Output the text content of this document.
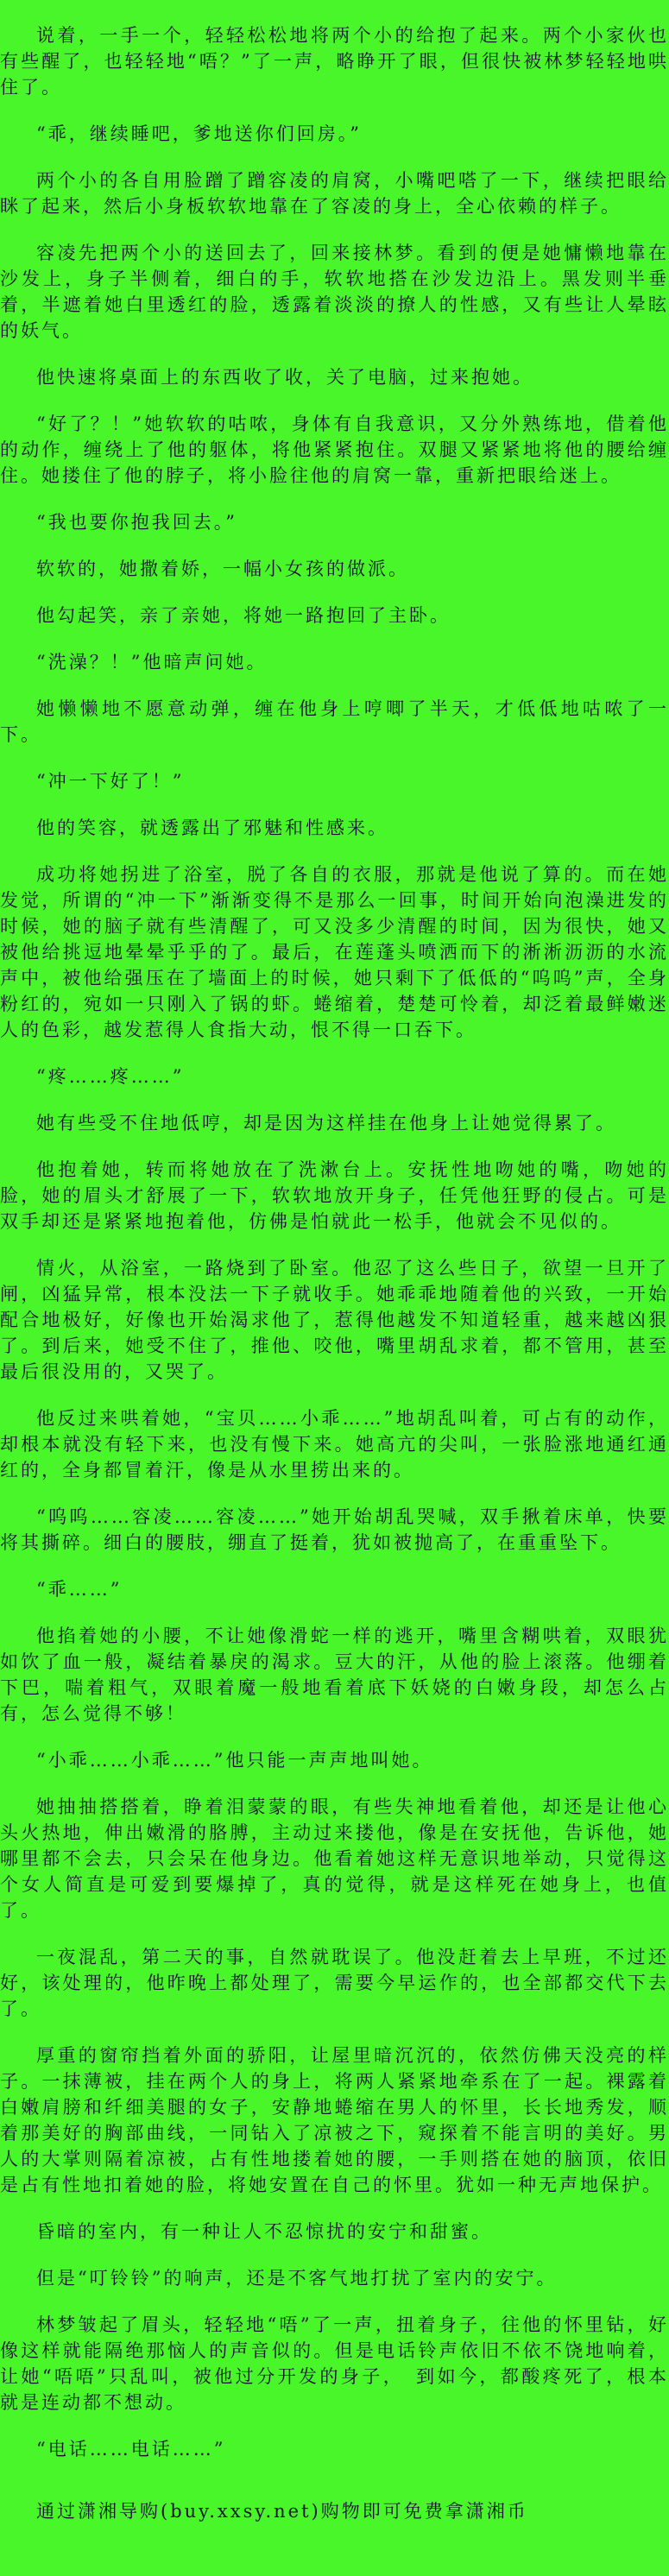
说着，一手一个，轻轻松松地将两个小的给抱了起来。两个小家伙也有些醒了，也轻轻地“唔？”了一声，略睁开了眼，但很快被林梦轻轻地哄住了。

“乖，继续睡吧，爹地送你们回房。”

两个小的各自用脸蹭了蹭容凌的肩窝，小嘴吧嗒了一下，继续把眼给眯了起来，然后小身板软软地靠在了容凌的身上，全心依赖的样子。

容凌先把两个小的送回去了，回来接林梦。看到的便是她慵懒地靠在沙发上，身子半侧着，细白的手，软软地搭在沙发边沿上。黑发则半垂着，半遮着她白里透红的脸，透露着淡淡的撩人的性感，又有些让人晕眩的妖气。

他快速将桌面上的东西收了收，关了电脑，过来抱她。

“好了？！”她软软的咕哝，身体有自我意识，又分外熟练地，借着他的动作，缠绕上了他的躯体，将他紧紧抱住。双腿又紧紧地将他的腰给缠住。她搂住了他的脖子，将小脸往他的肩窝一靠，重新把眼给迷上。

“我也要你抱我回去。”

软软的，她撒着娇，一幅小女孩的做派。

他勾起笑，亲了亲她，将她一路抱回了主卧。

“洗澡？！”他暗声问她。

她懒懒地不愿意动弹，缠在他身上哼唧了半天，才低低地咕哝了一下。

“冲一下好了！”

他的笑容，就透露出了邪魅和性感来。

成功将她拐进了浴室，脱了各自的衣服，那就是他说了算的。而在她发觉，所谓的“冲一下”渐渐变得不是那么一回事，时间开始向泡澡进发的时候，她的脑子就有些清醒了，可又没多少清醒的时间，因为很快，她又被他给挑逗地晕晕乎乎的了。最后，在莲蓬头喷洒而下的淅淅沥沥的水流声中，被他给强压在了墙面上的时候，她只剩下了低低的“呜呜”声，全身粉红的，宛如一只刚入了锅的虾。蜷缩着，楚楚可怜着，却泛着最鲜嫩迷人的色彩，越发惹得人食指大动，恨不得一口吞下。

“疼……疼……”

她有些受不住地低哼，却是因为这样挂在他身上让她觉得累了。

他抱着她，转而将她放在了洗漱台上。安抚性地吻她的嘴，吻她的脸，她的眉头才舒展了一下，软软地放开身子，任凭他狂野的侵占。可是双手却还是紧紧地抱着他，仿佛是怕就此一松手，他就会不见似的。

情火，从浴室，一路烧到了卧室。他忍了这么些日子，欲望一旦开了闸，凶猛异常，根本没法一下子就收手。她乖乖地随着他的兴致，一开始配合地极好，好像也开始渴求他了，惹得他越发不知道轻重，越来越凶狠了。到后来，她受不住了，推他、咬他，嘴里胡乱求着，都不管用，甚至最后很没用的，又哭了。

他反过来哄着她，“宝贝……小乖……”地胡乱叫着，可占有的动作，却根本就没有轻下来，也没有慢下来。她高亢的尖叫，一张脸涨地通红通红的，全身都冒着汗，像是从水里捞出来的。

“呜呜……容凌……容凌……”她开始胡乱哭喊，双手揪着床单，快要将其撕碎。细白的腰肢，绷直了挺着，犹如被抛高了，在重重坠下。

“乖……”

他掐着她的小腰，不让她像滑蛇一样的逃开，嘴里含糊哄着，双眼犹如饮了血一般，凝结着暴戾的渴求。豆大的汗，从他的脸上滚落。他绷着下巴，喘着粗气，双眼着魔一般地看着底下妖娆的白嫩身段，却怎么占有，怎么觉得不够！

“小乖……小乖……”他只能一声声地叫她。

她抽抽搭搭着，睁着泪蒙蒙的眼，有些失神地看着他，却还是让他心头火热地，伸出嫩滑的胳膊，主动过来搂他，像是在安抚他，告诉他，她哪里都不会去，只会呆在他身边。他看着她这样无意识地举动，只觉得这个女人简直是可爱到要爆掉了，真的觉得，就是这样死在她身上，也值了。

一夜混乱，第二天的事，自然就耽误了。他没赶着去上早班，不过还好，该处理的，他昨晚上都处理了，需要今早运作的，也全部都交代下去了。

厚重的窗帘挡着外面的骄阳，让屋里暗沉沉的，依然仿佛天没亮的样子。一抹薄被，挂在两个人的身上，将两人紧紧地牵系在了一起。裸露着白嫩肩膀和纤细美腿的女子，安静地蜷缩在男人的怀里，长长地秀发，顺着那美好的胸部曲线，一同钻入了凉被之下，窥探着不能言明的美好。男人的大掌则隔着凉被，占有性地搂着她的腰，一手则搭在她的脑顶，依旧是占有性地扣着她的脸，将她安置在自己的怀里。犹如一种无声地保护。

昏暗的室内，有一种让人不忍惊扰的安宁和甜蜜。

但是“叮铃铃”的响声，还是不客气地打扰了室内的安宁。

林梦皱起了眉头，轻轻地“唔”了一声，扭着身子，往他的怀里钻，好像这样就能隔绝那恼人的声音似的。但是电话铃声依旧不依不饶地响着，让她“唔唔”只乱叫，被他过分开发的身子，　到如今，都酸疼死了，根本就是连动都不想动。

“电话……电话……”

通过潇湘导购(buy.xxsy.net)购物即可免费拿潇湘币
